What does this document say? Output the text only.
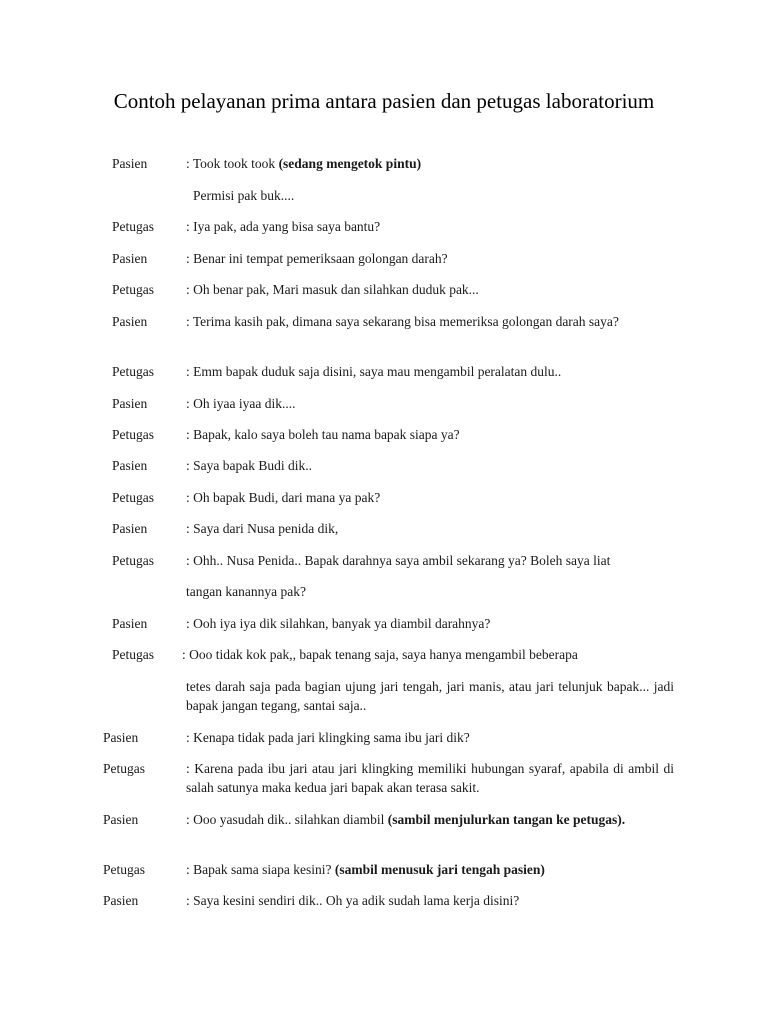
Contoh pelayanan prima antara pasien dan petugas laboratorium
Pasien	: Took took took (sedang mengetok pintu)
Permisi pak buk....
Petugas : Iya pak, ada yang bisa saya bantu?
Pasien	: Benar ini tempat pemeriksaan golongan darah?
Petugas : Oh benar pak, Mari masuk dan silahkan duduk pak...
Pasien	: Terima kasih pak, dimana saya sekarang bisa memeriksa golongan darah saya?
Petugas : Emm bapak duduk saja disini, saya mau mengambil peralatan dulu..
Pasien	: Oh iyaa iyaa dik....
Petugas : Bapak, kalo saya boleh tau nama bapak siapa ya?
Pasien	: Saya bapak Budi dik..
Petugas : Oh bapak Budi, dari mana ya pak?
Pasien	: Saya dari Nusa penida dik,
Petugas : Ohh.. Nusa Penida.. Bapak darahnya saya ambil sekarang ya? Boleh saya liat
tangan kanannya pak?
Pasien	: Ooh iya iya dik silahkan, banyak ya diambil darahnya?
Petugas : Ooo tidak kok pak,, bapak tenang saja, saya hanya mengambil beberapa
tetes darah saja pada bagian ujung jari tengah, jari manis, atau jari telunjuk bapak... jadi bapak jangan tegang, santai saja..
Pasien	: Kenapa tidak pada jari klingking sama ibu jari dik?
Petugas	: Karena pada ibu jari atau jari klingking memiliki hubungan syaraf, apabila di ambil di salah satunya maka kedua jari bapak akan terasa sakit.
Pasien	: Ooo yasudah dik.. silahkan diambil (sambil menjulurkan tangan ke petugas).
Petugas	: Bapak sama siapa kesini? (sambil menusuk jari tengah pasien)
Pasien	: Saya kesini sendiri dik.. Oh ya adik sudah lama kerja disini?
